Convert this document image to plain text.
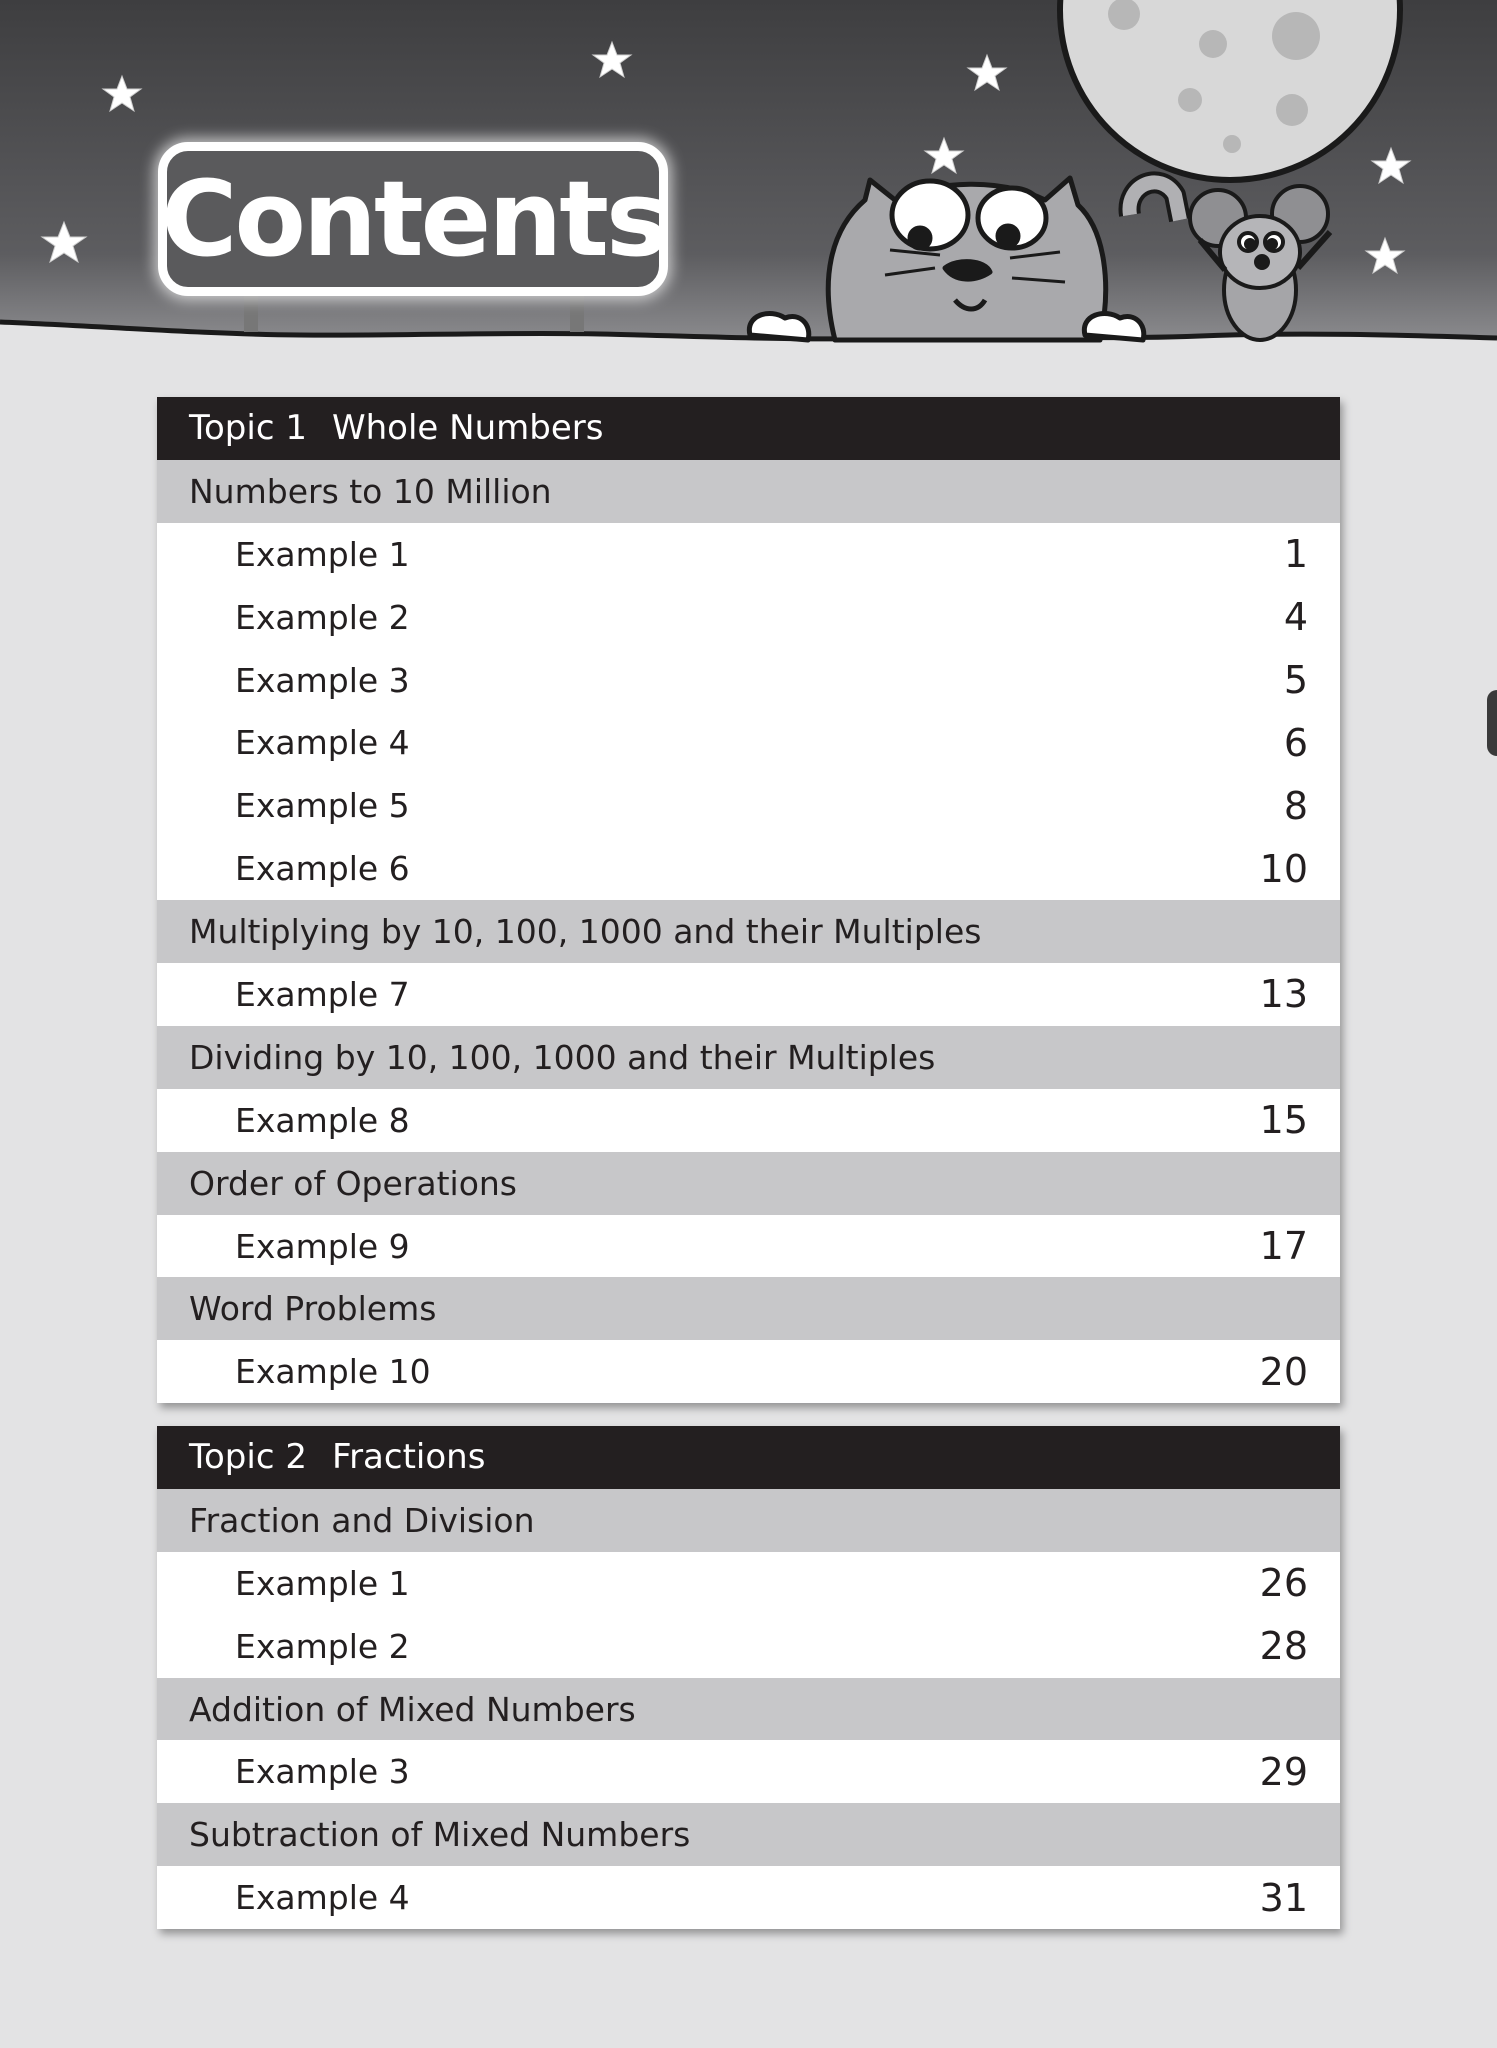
Contents
Topic 1 Whole Numbers
Numbers to 10 Million
Example 1	1
Example 2	4
Example 3	5
Example 4	6
Example 5	8
Example 6	10
Multiplying by 10, 100, 1000 and their Multiples
Example 7	13
Dividing by 10, 100, 1000 and their Multiples
Example 8	15
Order of Operations
Example 9	17
Word Problems
Example 10	20
Topic 2 Fractions
Fraction and Division
Example 1	26
Example 2	28
Addition of Mixed Numbers
Example 3	29
Subtraction of Mixed Numbers
Example 4	31
